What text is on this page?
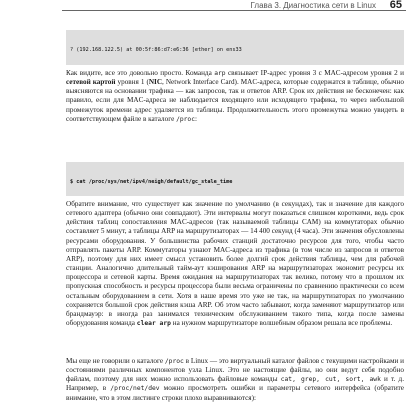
Глава 3. Диагностика сети в Linux 65

? (192.168.122.5) at 00:5f:86:d7:e6:36 [ether] on ens33

Как видите, все это довольно просто. Команда arp связывает IP-адрес уровня 3 с MAC-адресом уровня 2 и сетевой картой уровня 1 (NIC, Network Interface Card). MAC-адреса, которые содержатся в таблице, обычно выясняются на основании трафика — как запросов, так и ответов ARP. Срок их действия не бесконечен: как правило, если для MAC-адреса не наблюдается входящего или исходящего трафика, то через небольшой промежуток времени адрес удаляется из таблицы. Продолжительность этого промежутка можно увидеть в соответствующем файле в каталоге /proc:

$ cat /proc/sys/net/ipv4/neigh/default/gc_stale_time

Обратите внимание, что существует как значение по умолчанию (в секундах), так и значение для каждого сетевого адаптера (обычно они совпадают). Эти интервалы могут показаться слишком короткими, ведь срок действия таблиц сопоставления MAC-адресов (так называемой таблицы CAM) на коммутаторах обычно составляет 5 минут, а таблицы ARP на маршрутизаторах — 14 400 секунд (4 часа). Эти значения обусловлены ресурсами оборудования. У большинства рабочих станций достаточно ресурсов для того, чтобы часто отправлять пакеты ARP. Коммутаторы узнают MAC-адреса из трафика (в том числе из запросов и ответов ARP), поэтому для них имеет смысл установить более долгий срок действия таблицы, чем для рабочей станции. Аналогично длительный тайм-аут кэширования ARP на маршрутизаторах экономит ресурсы их процессора и сетевой карты. Время ожидания на маршрутизаторах так велико, потому что в прошлом их пропускная способность и ресурсы процессора были весьма ограничены по сравнению практически со всем остальным оборудованием в сети. Хотя в наше время это уже не так, на маршрутизаторах по умолчанию сохраняется большой срок действия кэша ARP. Об этом часто забывают, когда заменяют маршрутизатор или брандмауэр: в иногда раз занимался техническим обслуживанием такого типа, когда после замены оборудования команда clear arp на нужном маршрутизаторе волшебным образом решала все проблемы.
Мы еще не говорили о каталоге /proc в Linux — это виртуальный каталог файлов с текущими настройками и состояниями различных компонентов узла Linux. Это не настоящие файлы, но они ведут себя подобно файлам, поэтому для них можно использовать файловые команды cat, grep, cut, sort, awk и т. д. Например, в /proc/net/dev можно просмотреть ошибки и параметры сетевого интерфейса (обратите внимание, что в этом листинге строки плохо выравниваются):
